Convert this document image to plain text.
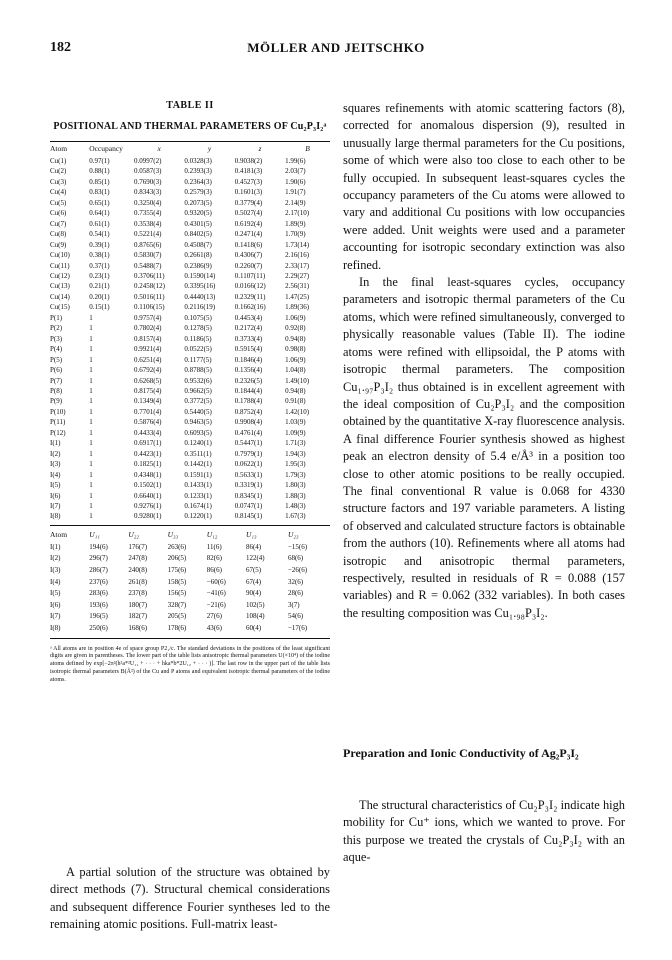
182	MÖLLER AND JEITSCHKO
TABLE II
POSITIONAL AND THERMAL PARAMETERS OF Cu₂P₃I₂ᵃ
Atom	Occupancy	x	y	z	B
Cu(1)	0.97(1)	0.0997(2)	0.0328(3)	0.9038(2)	1.99(6)
Cu(2)	0.88(1)	0.0587(3)	0.2393(3)	0.4181(3)	2.03(7)
Cu(3)	0.85(1)	0.7690(3)	0.2364(3)	0.4527(3)	1.90(6)
Cu(4)	0.83(1)	0.8343(3)	0.2579(3)	0.1601(3)	1.91(7)
Cu(5)	0.65(1)	0.3250(4)	0.2073(5)	0.3779(4)	2.14(9)
Cu(6)	0.64(1)	0.7355(4)	0.9320(5)	0.5027(4)	2.17(10)
Cu(7)	0.61(1)	0.3538(4)	0.4301(5)	0.6192(4)	1.89(9)
Cu(8)	0.54(1)	0.5221(4)	0.8402(5)	0.2471(4)	1.70(9)
Cu(9)	0.39(1)	0.8765(6)	0.4508(7)	0.1418(6)	1.73(14)
Cu(10)	0.38(1)	0.5830(7)	0.2661(8)	0.4306(7)	2.16(16)
Cu(11)	0.37(1)	0.5488(7)	0.2386(9)	0.2260(7)	2.33(17)
Cu(12)	0.23(1)	0.3706(11)	0.1590(14)	0.1107(11)	2.29(27)
Cu(13)	0.21(1)	0.2458(12)	0.3395(16)	0.0166(12)	2.56(31)
Cu(14)	0.20(1)	0.5016(11)	0.4440(13)	0.2329(11)	1.47(25)
Cu(15)	0.15(1)	0.1106(15)	0.2116(19)	0.1662(16)	1.89(36)
P(1)	1	0.9757(4)	0.1075(5)	0.4453(4)	1.06(9)
P(2)	1	0.7802(4)	0.1278(5)	0.2172(4)	0.92(8)
P(3)	1	0.8157(4)	0.1186(5)	0.3733(4)	0.94(8)
P(4)	1	0.9921(4)	0.0522(5)	0.5915(4)	0.98(8)
P(5)	1	0.6251(4)	0.1177(5)	0.1846(4)	1.06(9)
P(6)	1	0.6792(4)	0.8788(5)	0.1356(4)	1.04(8)
P(7)	1	0.6268(5)	0.9532(6)	0.2326(5)	1.49(10)
P(8)	1	0.8175(4)	0.9662(5)	0.1844(4)	0.94(8)
P(9)	1	0.1349(4)	0.3772(5)	0.1788(4)	0.91(8)
P(10)	1	0.7701(4)	0.5440(5)	0.8752(4)	1.42(10)
P(11)	1	0.5876(4)	0.9463(5)	0.9908(4)	1.03(9)
P(12)	1	0.4433(4)	0.6093(5)	0.4761(4)	1.09(9)
I(1)	1	0.6917(1)	0.1240(1)	0.5447(1)	1.71(3)
I(2)	1	0.4423(1)	0.3511(1)	0.7979(1)	1.94(3)
I(3)	1	0.1825(1)	0.1442(1)	0.0622(1)	1.95(3)
I(4)	1	0.4348(1)	0.1591(1)	0.5633(1)	1.79(3)
I(5)	1	0.1502(1)	0.1433(1)	0.3319(1)	1.80(3)
I(6)	1	0.6640(1)	0.1233(1)	0.8345(1)	1.88(3)
I(7)	1	0.9276(1)	0.1674(1)	0.0747(1)	1.48(3)
I(8)	1	0.9280(1)	0.1220(1)	0.8145(1)	1.67(3)
Atom	U₁₁	U₂₂	U₃₃	U₁₂	U₁₃	U₂₃
I(1)	194(6)	176(7)	263(6)	11(6)	86(4)	−15(6)
I(2)	296(7)	247(8)	206(5)	82(6)	122(4)	68(6)
I(3)	286(7)	240(8)	175(6)	86(6)	67(5)	−26(6)
I(4)	237(6)	261(8)	158(5)	−60(6)	67(4)	32(6)
I(5)	283(6)	237(8)	156(5)	−41(6)	90(4)	28(6)
I(6)	193(6)	180(7)	328(7)	−21(6)	102(5)	3(7)
I(7)	196(5)	182(7)	205(5)	27(6)	108(4)	54(6)
I(8)	250(6)	168(6)	178(6)	43(6)	60(4)	−17(6)
ᵃ All atoms are in position 4e of space group P2₁/c. The standard deviations in the positions of the least significant digits are given in parentheses. The lower part of the table lists anisotropic thermal parameters U(×10⁴) of the iodine atoms defined by exp[−2π²(h²a*²U₁₁ + · · · + hka*b*2U₁₂ + · · · )]. The last row in the upper part of the table lists isotropic thermal parameters B(Å²) of the Cu and P atoms and equivalent isotropic thermal parameters of the iodine atoms.
A partial solution of the structure was obtained by direct methods (7). Structural chemical considerations and subsequent difference Fourier syntheses led to the remaining atomic positions. Full-matrix least-

squares refinements with atomic scattering factors (8), corrected for anomalous dispersion (9), resulted in unusually large thermal parameters for the Cu positions, some of which were also too close to each other to be fully occupied. In subsequent least-squares cycles the occupancy parameters of the Cu atoms were allowed to vary and additional Cu positions with low occupancies were added. Unit weights were used and a parameter accounting for isotropic secondary extinction was also refined.

In the final least-squares cycles, occupancy parameters and isotropic thermal parameters of the Cu atoms, which were refined simultaneously, converged to physically reasonable values (Table II). The iodine atoms were refined with ellipsoidal, the P atoms with isotropic thermal parameters. The composition Cu₁.₉₇P₃I₂ thus obtained is in excellent agreement with the ideal composition of Cu₂P₃I₂ and the composition obtained by the quantitative X-ray fluorescence analysis. A final difference Fourier synthesis showed as highest peak an electron density of 5.4 e/Å³ in a position too close to other atomic positions to be really occupied. The final conventional R value is 0.068 for 4330 structure factors and 197 variable parameters. A listing of observed and calculated structure factors is obtainable from the authors (10). Refinements where all atoms had isotropic and anisotropic thermal parameters, respectively, resulted in residuals of R = 0.088 (157 variables) and R = 0.062 (332 variables). In both cases the resulting composition was Cu₁.₉₈P₃I₂.

Preparation and Ionic Conductivity of Ag₂P₃I₂
The structural characteristics of Cu₂P₃I₂ indicate high mobility for Cu⁺ ions, which we wanted to prove. For this purpose we treated the crystals of Cu₂P₃I₂ with an aque-
